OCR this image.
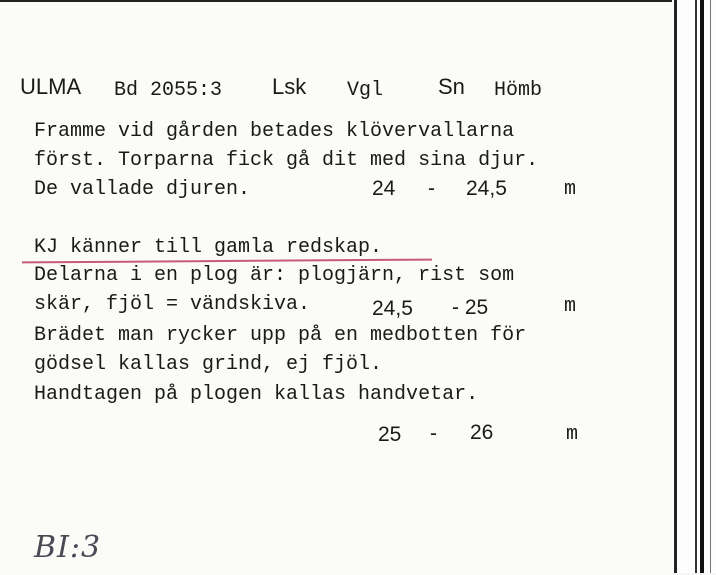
ULMA Bd 2055:3 Lsk Vgl Sn Hömb
Framme vid gården betades klövervallarna
först. Torparna fick gå dit med sina djur.
De vallade djuren.	24 - 24,5	m
KJ känner till gamla redskap.
Delarna i en plog är: plogjärn, rist som
skär, fjöl = vändskiva.	24,5 - 25	m
Brädet man rycker upp på en medbotten för
gödsel kallas grind, ej fjöl.
Handtagen på plogen kallas handvetar.
25 - 26	m
BI:3
